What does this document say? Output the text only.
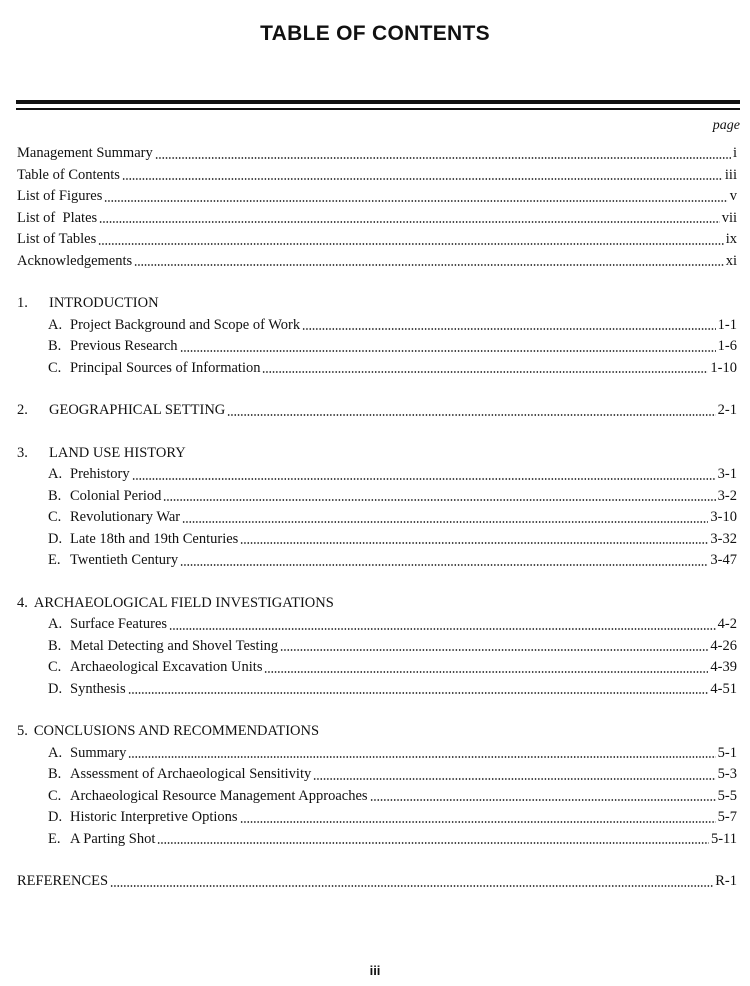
TABLE OF CONTENTS
page
Management Summary	i
Table of Contents	iii
List of Figures	v
List of  Plates	vii
List of Tables	ix
Acknowledgements	xi
1.	INTRODUCTION
A. Project Background and Scope of Work	1-1
B. Previous Research	1-6
C. Principal Sources of Information	1-10
2.	GEOGRAPHICAL SETTING	2-1
3.	LAND USE HISTORY
A. Prehistory	3-1
B. Colonial Period	3-2
C. Revolutionary War	3-10
D. Late 18th and 19th Centuries	3-32
E. Twentieth Century	3-47
4. ARCHAEOLOGICAL FIELD INVESTIGATIONS
A. Surface Features	4-2
B. Metal Detecting and Shovel Testing	4-26
C. Archaeological Excavation Units	4-39
D. Synthesis	4-51
5. CONCLUSIONS AND RECOMMENDATIONS
A. Summary	5-1
B. Assessment of Archaeological Sensitivity	5-3
C. Archaeological Resource Management Approaches	5-5
D. Historic Interpretive Options	5-7
E. A Parting Shot	5-11
REFERENCES	R-1
iii
